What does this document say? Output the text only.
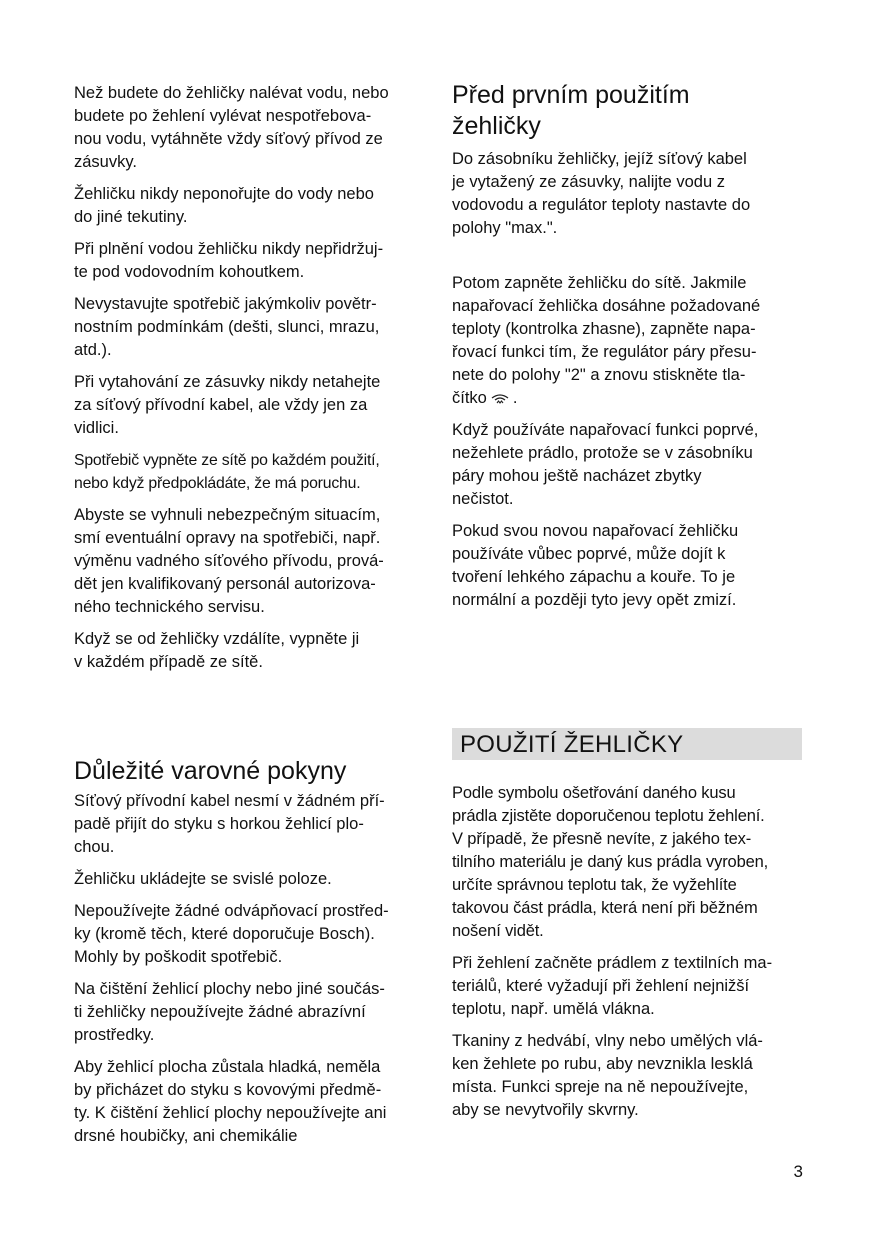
Než budete do žehličky nalévat vodu, nebo
budete po žehlení vylévat nespotřebova-
nou vodu, vytáhněte vždy síťový přívod ze
zásuvky.

Žehličku nikdy neponořujte do vody nebo
do jiné tekutiny.

Při plnění vodou žehličku nikdy nepřidržuj-
te pod vodovodním kohoutkem.

Nevystavujte spotřebič jakýmkoliv povětr-
nostním podmínkám (dešti, slunci, mrazu,
atd.).

Při vytahování ze zásuvky nikdy netahejte
za síťový přívodní kabel, ale vždy jen za
vidlici.

Spotřebič vypněte ze sítě po každém použití,
nebo když předpokládáte, že má poruchu.

Abyste se vyhnuli nebezpečným situacím,
smí eventuální opravy na spotřebiči, např.
výměnu vadného síťového přívodu, prová-
dět jen kvalifikovaný personál autorizova-
ného technického servisu.

Když se od žehličky vzdálíte, vypněte ji
v každém případě ze sítě.

Důležité varovné pokyny

Síťový přívodní kabel nesmí v žádném pří-
padě přijít do styku s horkou žehlicí plo-
chou.

Žehličku ukládejte se svislé poloze.

Nepoužívejte žádné odvápňovací prostřed-
ky (kromě těch, které doporučuje Bosch).
Mohly by poškodit spotřebič.

Na čištění žehlicí plochy nebo jiné součás-
ti žehličky nepoužívejte žádné abrazívní
prostředky.

Aby žehlicí plocha zůstala hladká, neměla
by přicházet do styku s kovovými předmě-
ty. K čištění žehlicí plochy nepoužívejte ani
drsné houbičky, ani chemikálie

Před prvním použitím
žehličky

Do zásobníku žehličky, jejíž síťový kabel
je vytažený ze zásuvky, nalijte vodu z
vodovodu a regulátor teploty nastavte do
polohy "max.".

Potom zapněte žehličku do sítě. Jakmile
napařovací žehlička dosáhne požadované
teploty (kontrolka zhasne), zapněte napa-
řovací funkci tím, že regulátor páry přesu-
nete do polohy "2" a znovu stiskněte tla-
čítko .

Když používáte napařovací funkci poprvé,
nežehlete prádlo, protože se v zásobníku
páry mohou ještě nacházet zbytky
nečistot.

Pokud svou novou napařovací žehličku
používáte vůbec poprvé, může dojít k
tvoření lehkého zápachu a kouře. To je
normální a později tyto jevy opět zmizí.

POUŽITÍ ŽEHLIČKY

Podle symbolu ošetřování daného kusu
prádla zjistěte doporučenou teplotu žehlení.
V případě, že přesně nevíte, z jakého tex-
tilního materiálu je daný kus prádla vyroben,
určíte správnou teplotu tak, že vyžehlíte
takovou část prádla, která není při běžném
nošení vidět.

Při žehlení začněte prádlem z textilních ma-
teriálů, které vyžadují při žehlení nejnižší
teplotu, např. umělá vlákna.

Tkaniny z hedvábí, vlny nebo umělých vlá-
ken žehlete po rubu, aby nevznikla lesklá
místa. Funkci spreje na ně nepoužívejte,
aby se nevytvořily skvrny.

3
